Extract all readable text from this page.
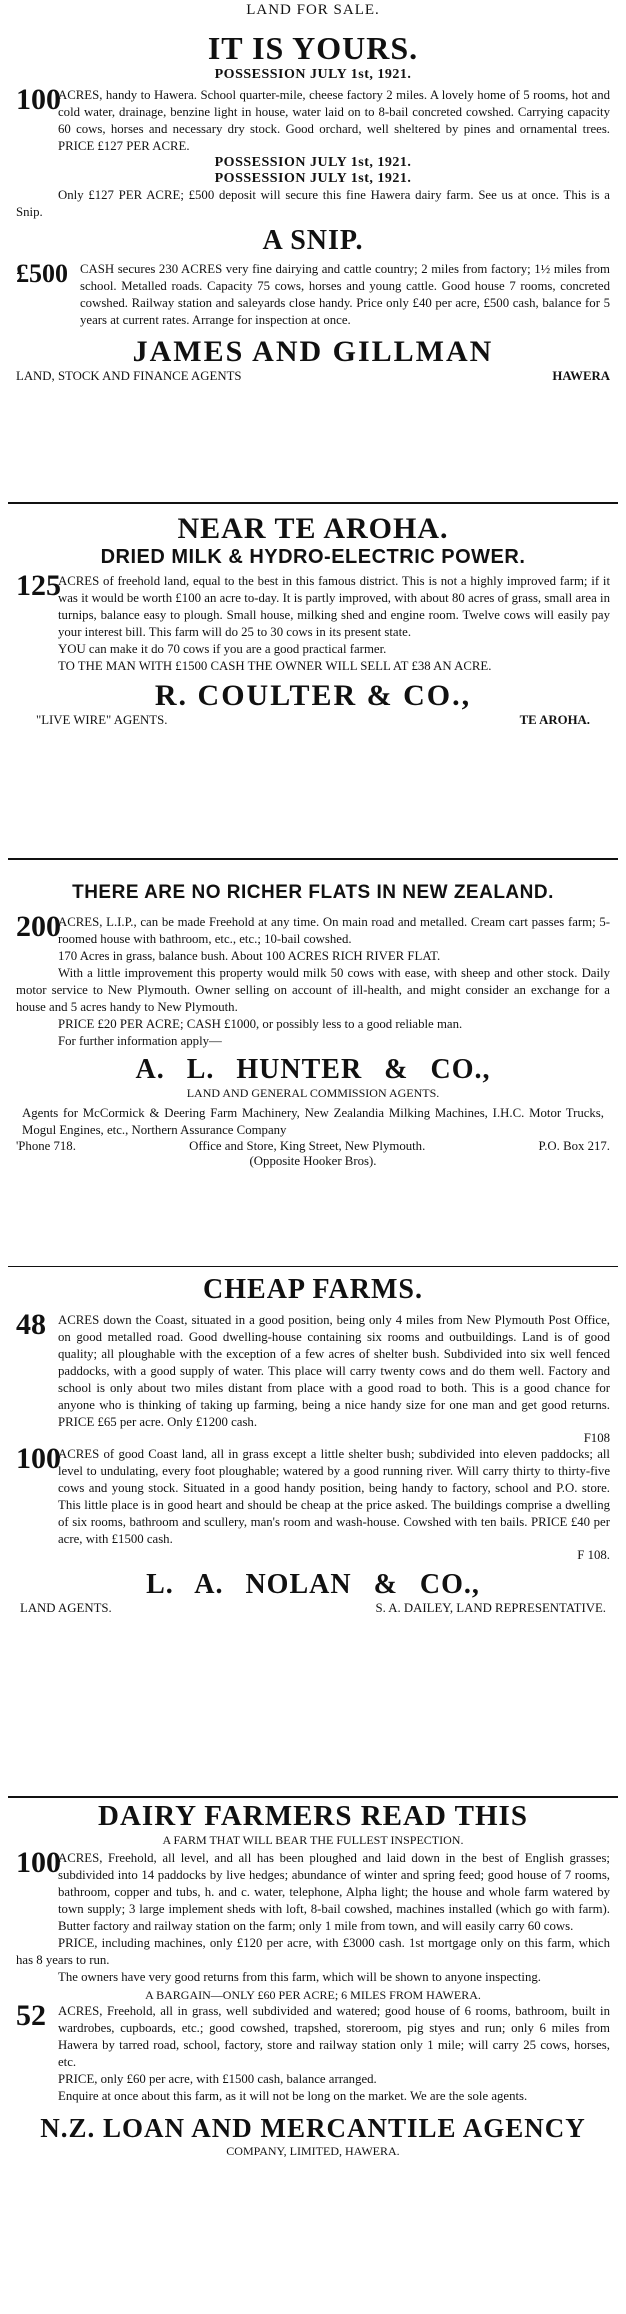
LAND FOR SALE.
IT IS YOURS.
POSSESSION JULY 1st, 1921.
100

ACRES, handy to Hawera. School quarter-mile, cheese factory 2 miles. A lovely home of 5 rooms, hot and cold water, drainage, benzine light in house, water laid on to 8-bail concreted cowshed. Carrying capacity 60 cows, horses and necessary dry stock. Good orchard, well sheltered by pines and ornamental trees. PRICE £127 PER ACRE.

POSSESSION JULY 1st, 1921.
POSSESSION JULY 1st, 1921.

Only £127 PER ACRE; £500 deposit will secure this fine Hawera dairy farm. See us at once. This is a Snip.

A SNIP.
£500 CASH secures 230 ACRES very fine dairying and cattle country; 2 miles from factory; 1½ miles from school. Metalled roads. Capacity 75 cows, horses and young cattle. Good house 7 rooms, concreted cowshed. Railway station and saleyards close handy. Price only £40 per acre, £500 cash, balance for 5 years at current rates. Arrange for inspection at once.

JAMES AND GILLMAN
LAND, STOCK AND FINANCE AGENTS	HAWERA
NEAR TE AROHA.
DRIED MILK & HYDRO-ELECTRIC POWER.
125

ACRES of freehold land, equal to the best in this famous district. This is not a highly improved farm; if it was it would be worth £100 an acre to-day. It is partly improved, with about 80 acres of grass, small area in turnips, balance easy to plough. Small house, milking shed and engine room. Twelve cows will easily pay your interest bill. This farm will do 25 to 30 cows in its present state.

YOU can make it do 70 cows if you are a good practical farmer.

TO THE MAN WITH £1500 CASH THE OWNER WILL SELL AT £38 AN ACRE.

R. COULTER & CO.,
"LIVE WIRE" AGENTS.	TE AROHA.
THERE ARE NO RICHER FLATS IN NEW ZEALAND.
200

ACRES, L.I.P., can be made Freehold at any time. On main road and metalled. Cream cart passes farm; 5-roomed house with bathroom, etc., etc.; 10-bail cowshed.

170 Acres in grass, balance bush. About 100 ACRES RICH RIVER FLAT.

With a little improvement this property would milk 50 cows with ease, with sheep and other stock. Daily motor service to New Plymouth. Owner selling on account of ill-health, and might consider an exchange for a house and 5 acres handy to New Plymouth.

PRICE £20 PER ACRE; CASH £1000, or possibly less to a good reliable man.

For further information apply—

A. L. HUNTER & CO.,
LAND AND GENERAL COMMISSION AGENTS.

Agents for McCormick & Deering Farm Machinery, New Zealandia Milking Machines, I.H.C. Motor Trucks, Mogul Engines, etc., Northern Assurance Company

'Phone 718.	Office and Store, King Street, New Plymouth.	P.O. Box 217.
(Opposite Hooker Bros).
CHEAP FARMS.
48 ACRES down the Coast, situated in a good position, being only 4 miles from New Plymouth Post Office, on good metalled road. Good dwelling-house containing six rooms and outbuildings. Land is of good quality; all ploughable with the exception of a few acres of shelter bush. Subdivided into six well fenced paddocks, with a good supply of water. This place will carry twenty cows and do them well. Factory and school is only about two miles distant from place with a good road to both. This is a good chance for anyone who is thinking of taking up farming, being a nice handy size for one man and get good returns. PRICE £65 per acre. Only £1200 cash.

F108
100

ACRES of good Coast land, all in grass except a little shelter bush; subdivided into eleven paddocks; all level to undulating, every foot ploughable; watered by a good running river. Will carry thirty to thirty-five cows and young stock. Situated in a good handy position, being handy to factory, school and P.O. store. This little place is in good heart and should be cheap at the price asked. The buildings comprise a dwelling of six rooms, bathroom and scullery, man's room and wash-house. Cowshed with ten bails. PRICE £40 per acre, with £1500 cash.

F 108.
L. A. NOLAN & CO.,
LAND AGENTS.	S. A. DAILEY, LAND REPRESENTATIVE.
DAIRY FARMERS READ THIS
A FARM THAT WILL BEAR THE FULLEST INSPECTION.
100

ACRES, Freehold, all level, and all has been ploughed and laid down in the best of English grasses; subdivided into 14 paddocks by live hedges; abundance of winter and spring feed; good house of 7 rooms, bathroom, copper and tubs, h. and c. water, telephone, Alpha light; the house and whole farm watered by town supply; 3 large implement sheds with loft, 8-bail cowshed, machines installed (which go with farm). Butter factory and railway station on the farm; only 1 mile from town, and will easily carry 60 cows.

PRICE, including machines, only £120 per acre, with £3000 cash. 1st mortgage only on this farm, which has 8 years to run.

The owners have very good returns from this farm, which will be shown to anyone inspecting.

A BARGAIN—ONLY £60 PER ACRE; 6 MILES FROM HAWERA.
52 ACRES, Freehold, all in grass, well subdivided and watered; good house of 6 rooms, bathroom, built in wardrobes, cupboards, etc.; good cowshed, trapshed, storeroom, pig styes and run; only 6 miles from Hawera by tarred road, school, factory, store and railway station only 1 mile; will carry 25 cows, horses, etc.

PRICE, only £60 per acre, with £1500 cash, balance arranged.

Enquire at once about this farm, as it will not be long on the market. We are the sole agents.

N.Z. LOAN AND MERCANTILE AGENCY
COMPANY, LIMITED, HAWERA.
